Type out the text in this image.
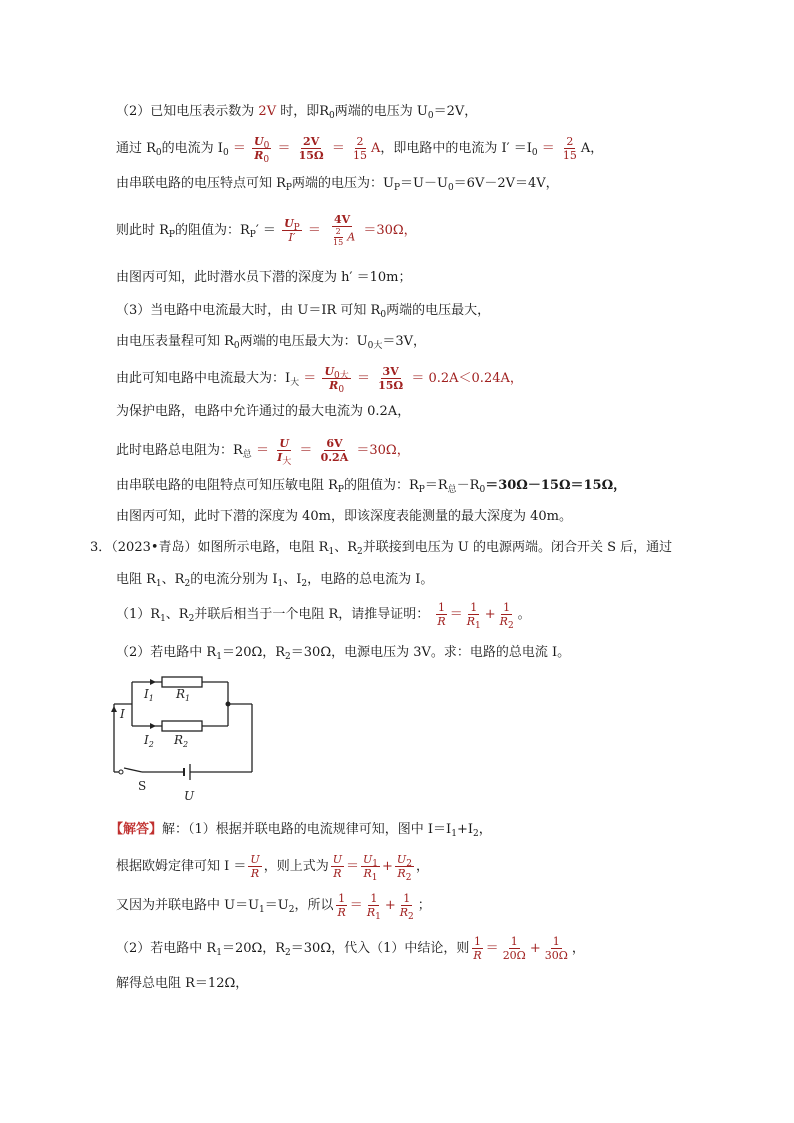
（2）已知电压表示数为 2V 时，即$R_0$两端的电压为 $U_0=2V$，
通过 $R_0$的电流为 $I_0 = \frac{U_0}{R_0} = \frac{2V}{15\Omega} = \frac{2}{15}$ A，即电路中的电流为 $I' =I_0 = \frac{2}{15}$ A，
由串联电路的电压特点可知 $R_P$两端的电压为：$U_P=U-U_0=6V-2V=4V$，
则此时 $R_P$的阻值为：$R_P' = \frac{U_P}{I'} = \frac{4V}{\frac{2}{15} A} =30\Omega$，
由图丙可知，此时潜水员下潜的深度为 h′ ＝10m；
（3）当电路中电流最大时，由 U＝IR 可知 $R_0$两端的电压最大，
由电压表量程可知 $R_0$两端的电压最大为：$U_{0大}=3V$，
由此可知电路中电流最大为：$I_大 = \frac{U_{0大}}{R_0} = \frac{3V}{15\Omega} = 0.2A<0.24A$，
为保护电路，电路中允许通过的最大电流为 0.2A，
此时电路总电阻为：$R_总 = \frac{U}{I_大} = \frac{6V}{0.2A} =30\Omega$，
由串联电路的电阻特点可知压敏电阻 $R_P$的阻值为：$R_P=R_总-R_0=30\Omega-15\Omega=15\Omega$，
由图丙可知，此时下潜的深度为 40m，即该深度表能测量的最大深度为 40m。
3．（2023•青岛）如图所示电路，电阻 $R_1$、$R_2$并联接到电压为 U 的电源两端。闭合开关 S 后，通过
电阻 $R_1$、$R_2$的电流分别为 $I_1$、$I_2$，电路的总电流为 I。
$(1)R_1$、$R_2$并联后相当于一个电阻 R，请推导证明： $\frac{1}{R} = \frac{1}{R_1} + \frac{1}{R_2}$ 。
（2）若电路中 $R_1=20\Omega$，$R_2=30\Omega$，电源电压为 3V。求：电路的总电流 I。
$I_1$ $R_1$
I
$I_2$ $R_2$
S
U
【解答】解：（1）根据并联电路的电流规律可知，图中 $I=I_1+I_2$，
根据欧姆定律可知 $I = \frac{U}{R}$ ，则上式为 $\frac{U}{R} = \frac{U_1}{R_1} + \frac{U_2}{R_2}$ ，
又因为并联电路中 $U=U_1=U_2$，所以 $\frac{1}{R} = \frac{1}{R_1} + \frac{1}{R_2}$ ；
（2）若电路中 $R_1=20\Omega$，$R_2=30\Omega$，代入（1）中结论，则 $\frac{1}{R} = \frac{1}{20\Omega} + \frac{1}{30\Omega}$ ，
解得总电阻 R＝12Ω，
